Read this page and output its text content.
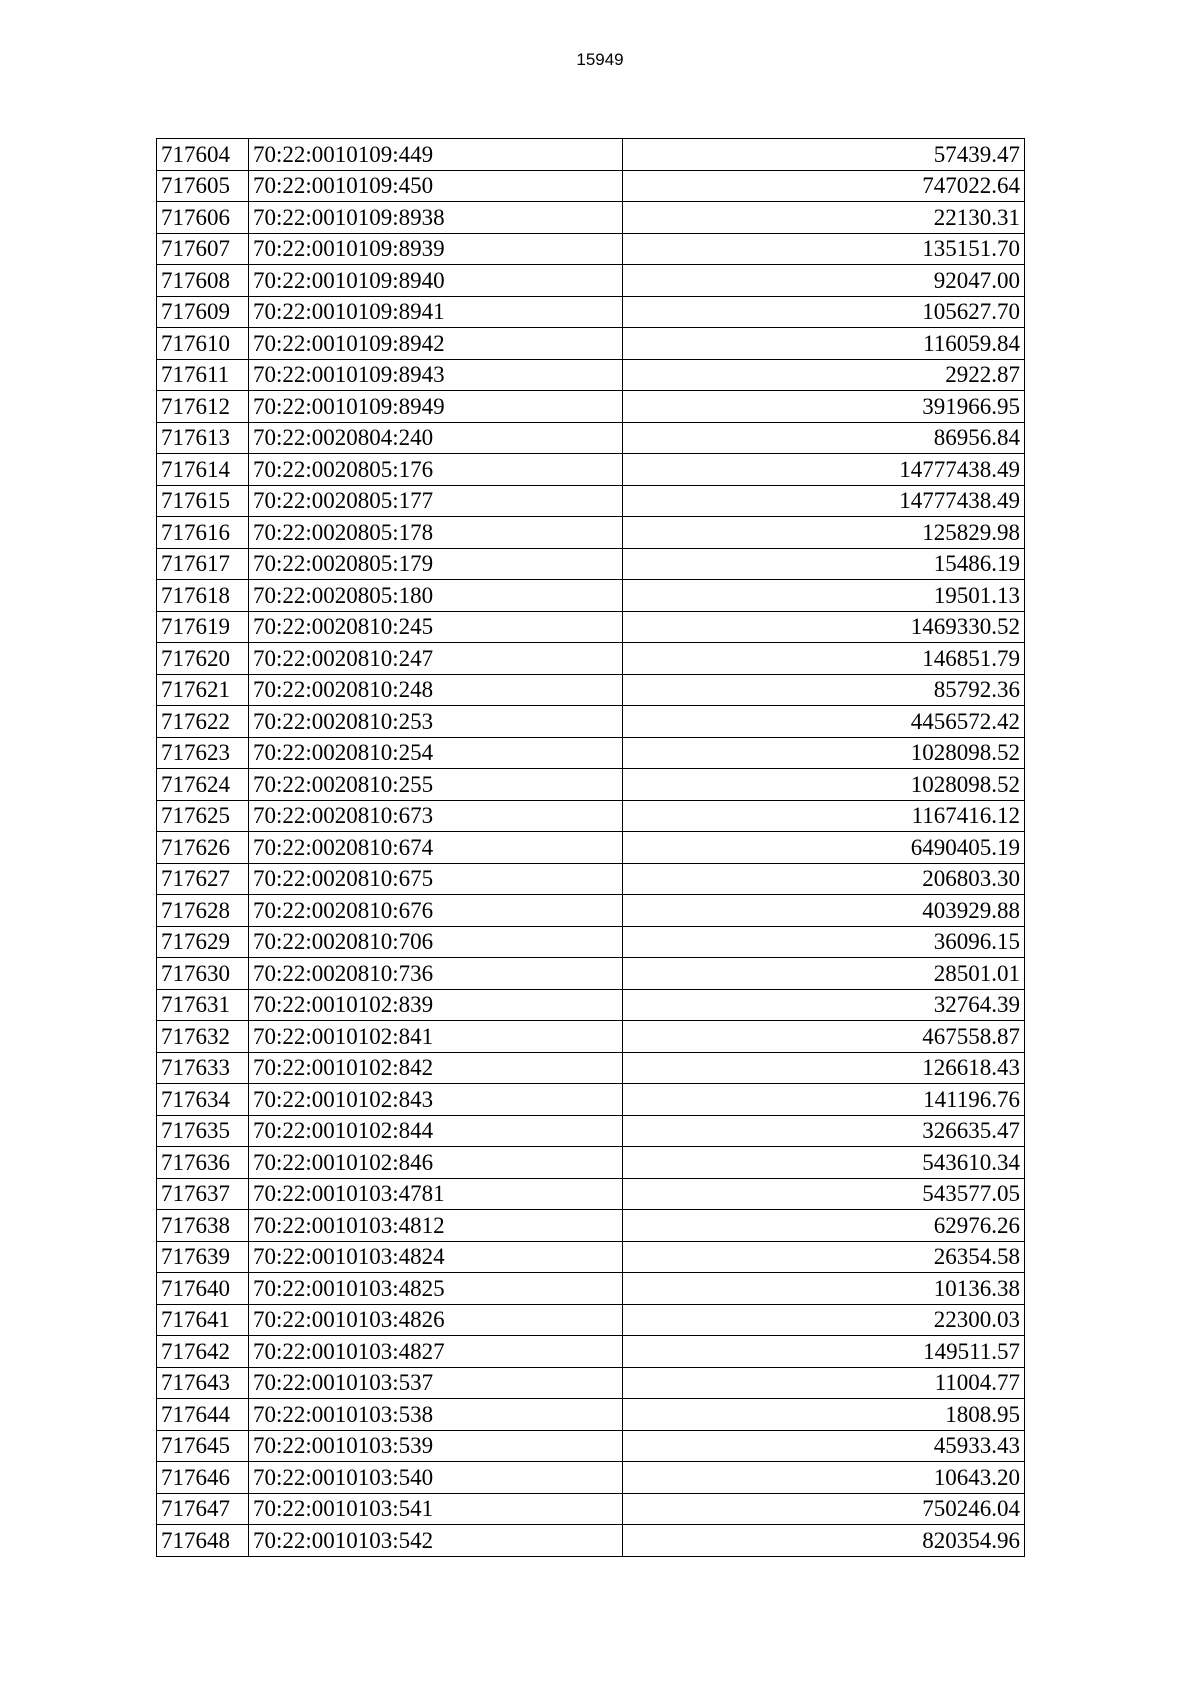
15949
717604	70:22:0010109:449	57439.47
717605	70:22:0010109:450	747022.64
717606	70:22:0010109:8938	22130.31
717607	70:22:0010109:8939	135151.70
717608	70:22:0010109:8940	92047.00
717609	70:22:0010109:8941	105627.70
717610	70:22:0010109:8942	116059.84
717611	70:22:0010109:8943	2922.87
717612	70:22:0010109:8949	391966.95
717613	70:22:0020804:240	86956.84
717614	70:22:0020805:176	14777438.49
717615	70:22:0020805:177	14777438.49
717616	70:22:0020805:178	125829.98
717617	70:22:0020805:179	15486.19
717618	70:22:0020805:180	19501.13
717619	70:22:0020810:245	1469330.52
717620	70:22:0020810:247	146851.79
717621	70:22:0020810:248	85792.36
717622	70:22:0020810:253	4456572.42
717623	70:22:0020810:254	1028098.52
717624	70:22:0020810:255	1028098.52
717625	70:22:0020810:673	1167416.12
717626	70:22:0020810:674	6490405.19
717627	70:22:0020810:675	206803.30
717628	70:22:0020810:676	403929.88
717629	70:22:0020810:706	36096.15
717630	70:22:0020810:736	28501.01
717631	70:22:0010102:839	32764.39
717632	70:22:0010102:841	467558.87
717633	70:22:0010102:842	126618.43
717634	70:22:0010102:843	141196.76
717635	70:22:0010102:844	326635.47
717636	70:22:0010102:846	543610.34
717637	70:22:0010103:4781	543577.05
717638	70:22:0010103:4812	62976.26
717639	70:22:0010103:4824	26354.58
717640	70:22:0010103:4825	10136.38
717641	70:22:0010103:4826	22300.03
717642	70:22:0010103:4827	149511.57
717643	70:22:0010103:537	11004.77
717644	70:22:0010103:538	1808.95
717645	70:22:0010103:539	45933.43
717646	70:22:0010103:540	10643.20
717647	70:22:0010103:541	750246.04
717648	70:22:0010103:542	820354.96
